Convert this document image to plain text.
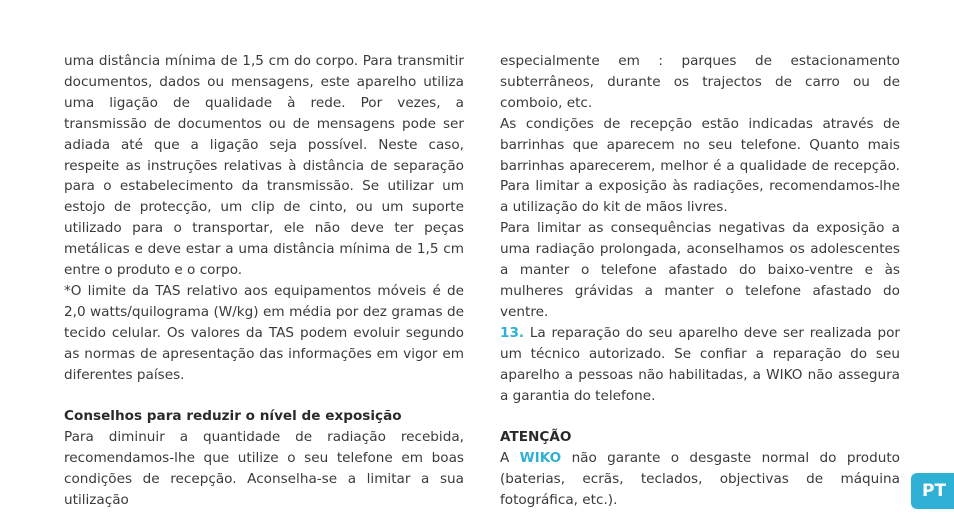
uma distância mínima de 1,5 cm do corpo. Para transmitir documentos, dados ou mensagens, este aparelho utiliza uma ligação de qualidade à rede. Por vezes, a transmissão de documentos ou de mensagens pode ser adiada até que a ligação seja possível. Neste caso, respeite as instruções relativas à distância de separação para o estabelecimento da transmissão. Se utilizar um estojo de protecção, um clip de cinto, ou um suporte utilizado para o transportar, ele não deve ter peças metálicas e deve estar a uma distância mínima de 1,5 cm entre o produto e o corpo.

*O limite da TAS relativo aos equipamentos móveis é de 2,0 watts/quilograma (W/kg) em média por dez gramas de tecido celular. Os valores da TAS podem evoluir segundo as normas de apresentação das informações em vigor em diferentes países.

Conselhos para reduzir o nível de exposição

Para diminuir a quantidade de radiação recebida, recomendamos-lhe que utilize o seu telefone em boas condições de recepção. Aconselha-se a limitar a sua utilização

especialmente em : parques de estacionamento subterrâneos, durante os trajectos de carro ou de comboio, etc.

As condições de recepção estão indicadas através de barrinhas que aparecem no seu telefone. Quanto mais barrinhas aparecerem, melhor é a qualidade de recepção. Para limitar a exposição às radiações, recomendamos-lhe a utilização do kit de mãos livres.

Para limitar as consequências negativas da exposição a uma radiação prolongada, aconselhamos os adolescentes a manter o telefone afastado do baixo-ventre e às mulheres grávidas a manter o telefone afastado do ventre.

13. La reparação do seu aparelho deve ser realizada por um técnico autorizado. Se confiar a reparação do seu aparelho a pessoas não habilitadas, a WIKO não assegura a garantia do telefone.

ATENÇÃO

A WIKO não garante o desgaste normal do produto (baterias, ecrãs, teclados, objectivas de máquina fotográfica, etc.).	PT
